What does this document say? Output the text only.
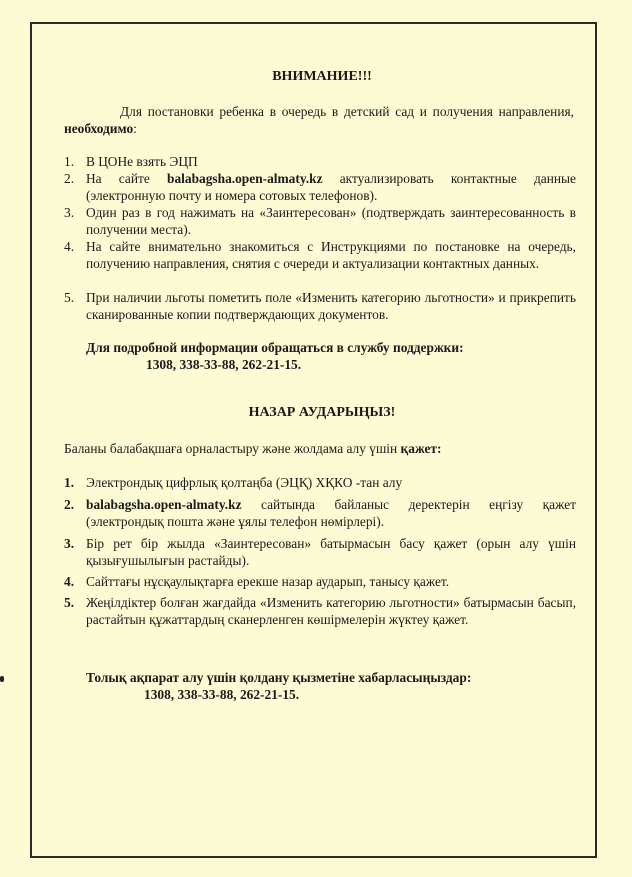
ВНИМАНИЕ!!!
Для постановки ребенка в очередь в детский сад и получения направления, необходимо:
1. В ЦОНе взять ЭЦП
2. На сайте balabagsha.open-almaty.kz актуализировать контактные данные (электронную почту и номера сотовых телефонов).
3. Один раз в год нажимать на «Заинтересован» (подтверждать заинтересованность в получении места).
4. На сайте внимательно знакомиться с Инструкциями по постановке на очередь, получению направления, снятия с очереди и актуализации контактных данных.
5. При наличии льготы пометить поле «Изменить категорию льготности» и прикрепить сканированные копии подтверждающих документов.
Для подробной информации обращаться в службу поддержки:
1308, 338-33-88, 262-21-15.
НАЗАР АУДАРЫҢЫЗ!
Баланы балабақшаға орналастыру және жолдама алу үшін қажет:
1. Электрондық цифрлық қолтаңба (ЭЦҚ) ХҚКО -тан алу
2. balabagsha.open-almaty.kz сайтында байланыс деректерін еңгізу қажет (электрондық пошта және ұялы телефон нөмірлері).
3. Бір рет бір жылда «Заинтересован» батырмасын басу қажет (орын алу үшін қызығушылығын растайды).
4. Сайттағы нұсқаулықтарға ерекше назар аударып, танысу қажет.
5. Жеңілдіктер болған жағдайда «Изменить категорию льготности» батырмасын басып, растайтын құжаттардың сканерленген көшірмелерін жүктеу қажет.
Толық ақпарат алу үшін қолдану қызметіне хабарласыңыздар:
1308, 338-33-88, 262-21-15.
